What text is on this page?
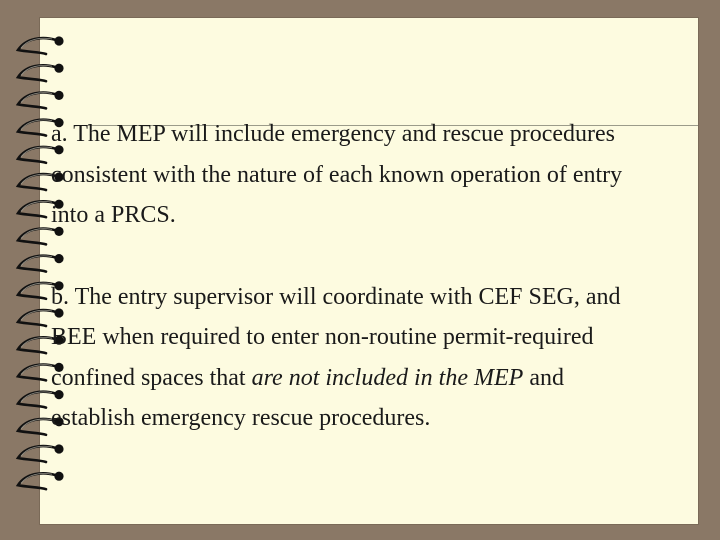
a. The MEP will include emergency and rescue procedures consistent with the nature of each known operation of entry into a PRCS.

b. The entry supervisor will coordinate with CEF SEG, and BEE when required to enter non-routine permit-required confined spaces that are not included in the MEP and establish emergency rescue procedures.
